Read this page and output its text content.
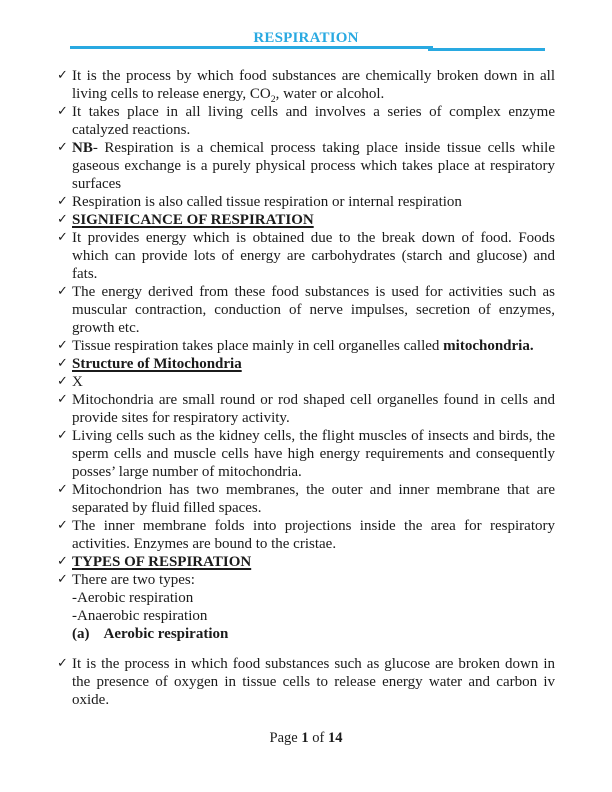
RESPIRATION
✓ It is the process by which food substances are chemically broken down in all living cells to release energy, $CO_2$, water or alcohol.
✓ It takes place in all living cells and involves a series of complex enzyme catalyzed reactions.
✓ NB- Respiration is a chemical process taking place inside tissue cells while gaseous exchange is a purely physical process which takes place at respiratory surfaces
✓ Respiration is also called tissue respiration or internal respiration
✓ SIGNIFICANCE OF RESPIRATION
✓ It provides energy which is obtained due to the break down of food. Foods which can provide lots of energy are carbohydrates (starch and glucose) and fats.
✓ The energy derived from these food substances is used for activities such as muscular contraction, conduction of nerve impulses, secretion of enzymes, growth etc.
✓ Tissue respiration takes place mainly in cell organelles called mitochondria.
✓ Structure of Mitochondria
✓ X
✓ Mitochondria are small round or rod shaped cell organelles found in cells and provide sites for respiratory activity.
✓ Living cells such as the kidney cells, the flight muscles of insects and birds, the sperm cells and muscle cells have high energy requirements and consequently posses’ large number of mitochondria.
✓ Mitochondrion has two membranes, the outer and inner membrane that are separated by fluid filled spaces.
✓ The inner membrane folds into projections inside the area for respiratory activities. Enzymes are bound to the cristae.
✓ TYPES OF RESPIRATION
✓ There are two types:
-Aerobic respiration
-Anaerobic respiration
(a) Aerobic respiration
✓ It is the process in which food substances such as glucose are broken down in the presence of oxygen in tissue cells to release energy water and carbon iv oxide.
Page 1 of 14
